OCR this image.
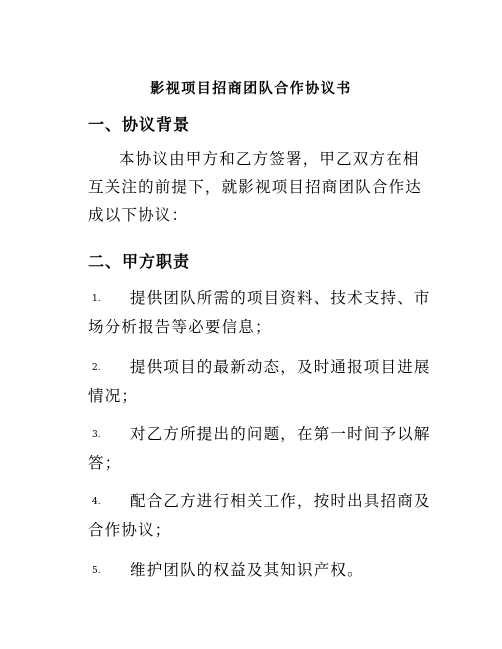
影视项目招商团队合作协议书
一、协议背景
本协议由甲方和乙方签署，甲乙双方在相互关注的前提下，就影视项目招商团队合作达成以下协议：
二、甲方职责
1. 提供团队所需的项目资料、技术支持、市场分析报告等必要信息；
2. 提供项目的最新动态，及时通报项目进展情况；
3. 对乙方所提出的问题，在第一时间予以解答；
4. 配合乙方进行相关工作，按时出具招商及合作协议；
5. 维护团队的权益及其知识产权。
